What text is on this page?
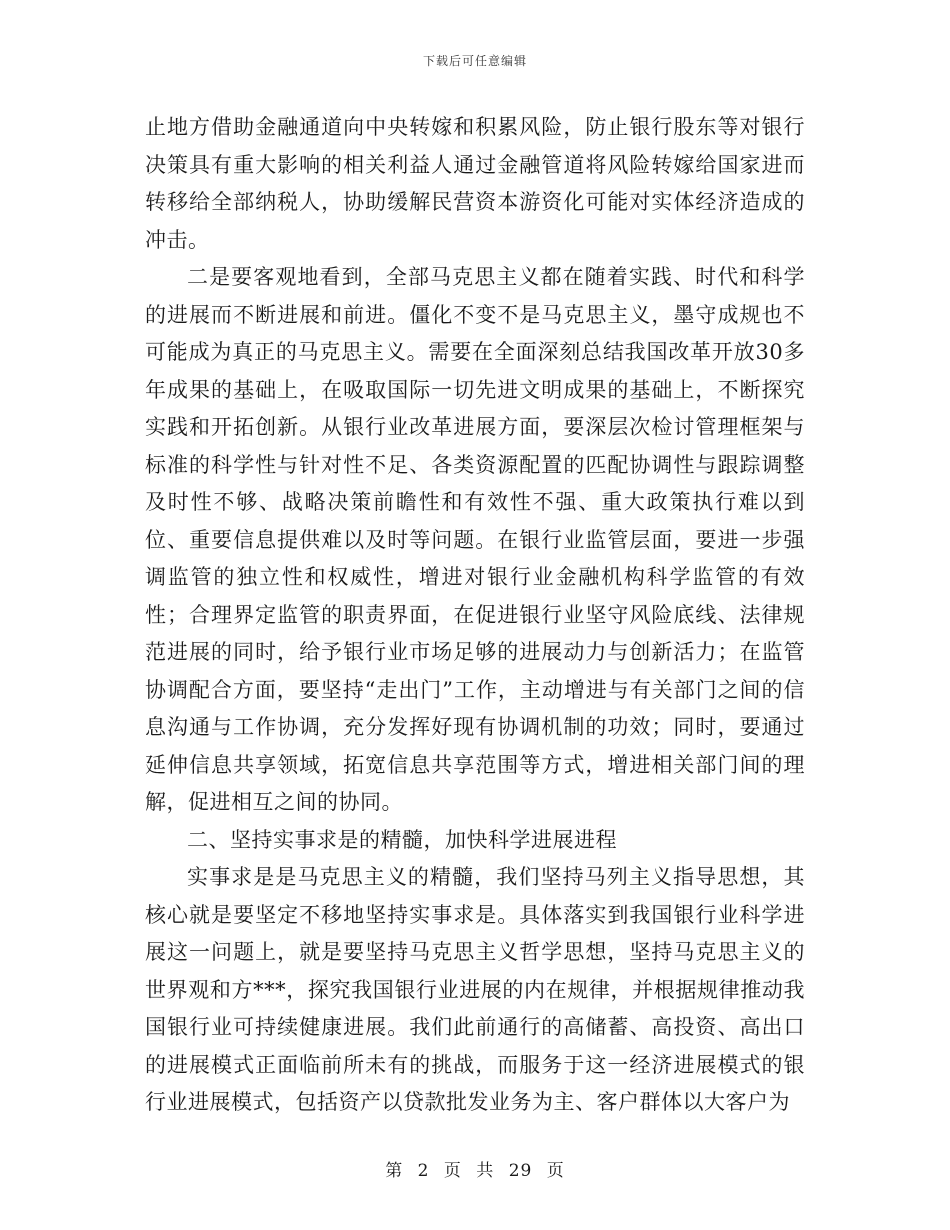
下载后可任意编辑

止地方借助金融通道向中央转嫁和积累风险，防止银行股东等对银行决策具有重大影响的相关利益人通过金融管道将风险转嫁给国家进而转移给全部纳税人，协助缓解民营资本游资化可能对实体经济造成的冲击。

二是要客观地看到，全部马克思主义都在随着实践、时代和科学的进展而不断进展和前进。僵化不变不是马克思主义，墨守成规也不可能成为真正的马克思主义。需要在全面深刻总结我国改革开放30多年成果的基础上，在吸取国际一切先进文明成果的基础上，不断探究实践和开拓创新。从银行业改革进展方面，要深层次检讨管理框架与标准的科学性与针对性不足、各类资源配置的匹配协调性与跟踪调整及时性不够、战略决策前瞻性和有效性不强、重大政策执行难以到位、重要信息提供难以及时等问题。在银行业监管层面，要进一步强调监管的独立性和权威性，增进对银行业金融机构科学监管的有效性；合理界定监管的职责界面，在促进银行业坚守风险底线、法律规范进展的同时，给予银行业市场足够的进展动力与创新活力；在监管协调配合方面，要坚持“走出门”工作，主动增进与有关部门之间的信息沟通与工作协调，充分发挥好现有协调机制的功效；同时，要通过延伸信息共享领域，拓宽信息共享范围等方式，增进相关部门间的理解，促进相互之间的协同。

二、坚持实事求是的精髓，加快科学进展进程

实事求是是马克思主义的精髓，我们坚持马列主义指导思想，其核心就是要坚定不移地坚持实事求是。具体落实到我国银行业科学进展这一问题上，就是要坚持马克思主义哲学思想，坚持马克思主义的世界观和方***，探究我国银行业进展的内在规律，并根据规律推动我国银行业可持续健康进展。我们此前通行的高储蓄、高投资、高出口的进展模式正面临前所未有的挑战，而服务于这一经济进展模式的银行业进展模式，包括资产以贷款批发业务为主、客户群体以大客户为

第 2 页 共 29 页
